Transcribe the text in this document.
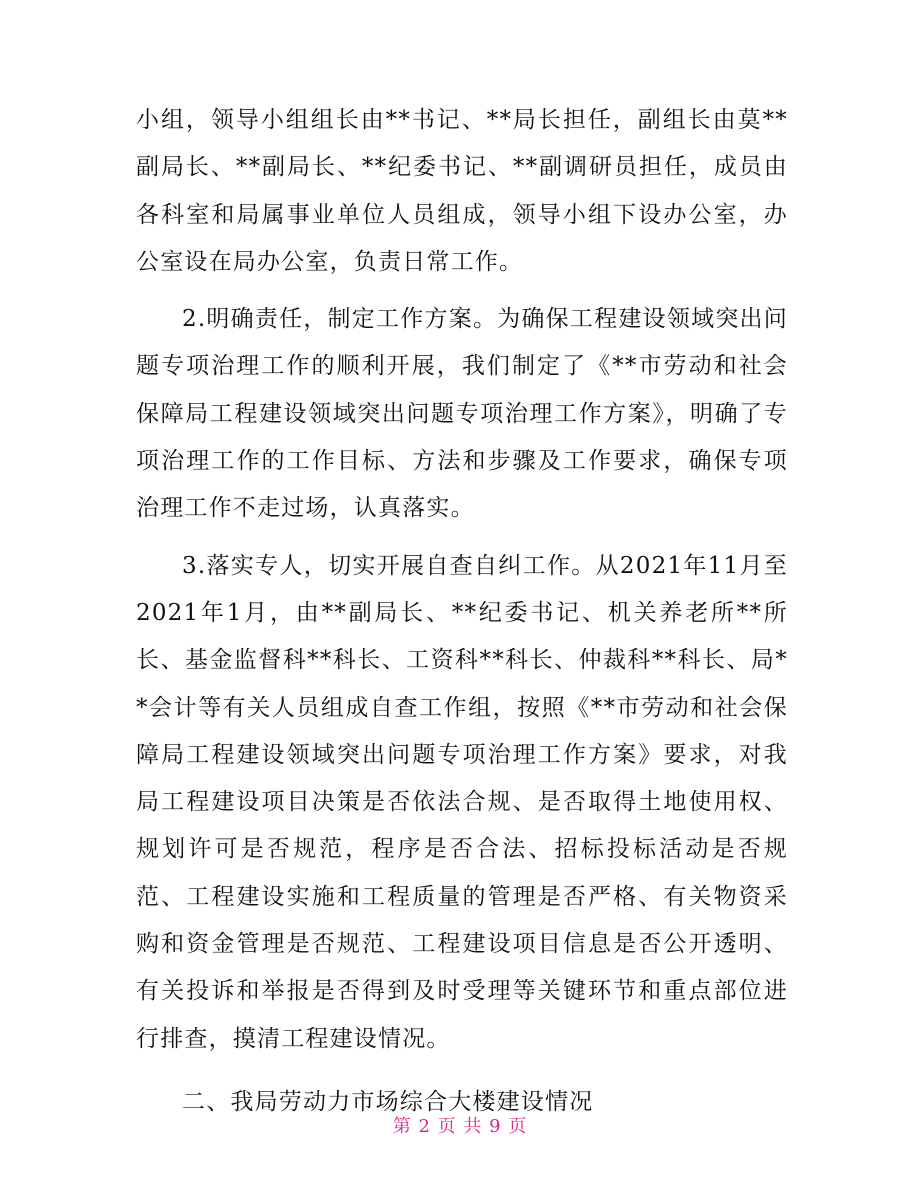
小组，领导小组组长由**书记、**局长担任，副组长由莫**副局长、**副局长、**纪委书记、**副调研员担任，成员由各科室和局属事业单位人员组成，领导小组下设办公室，办公室设在局办公室，负责日常工作。

2.明确责任，制定工作方案。为确保工程建设领域突出问题专项治理工作的顺利开展，我们制定了《**市劳动和社会保障局工程建设领域突出问题专项治理工作方案》，明确了专项治理工作的工作目标、方法和步骤及工作要求，确保专项治理工作不走过场，认真落实。

3.落实专人，切实开展自查自纠工作。从2021年11月至2021年1月，由**副局长、**纪委书记、机关养老所**所长、基金监督科**科长、工资科**科长、仲裁科**科长、局**会计等有关人员组成自查工作组，按照《**市劳动和社会保障局工程建设领域突出问题专项治理工作方案》要求，对我局工程建设项目决策是否依法合规、是否取得土地使用权、规划许可是否规范，程序是否合法、招标投标活动是否规范、工程建设实施和工程质量的管理是否严格、有关物资采购和资金管理是否规范、工程建设项目信息是否公开透明、有关投诉和举报是否得到及时受理等关键环节和重点部位进行排查，摸清工程建设情况。

二、我局劳动力市场综合大楼建设情况

第 2 页 共 9 页
